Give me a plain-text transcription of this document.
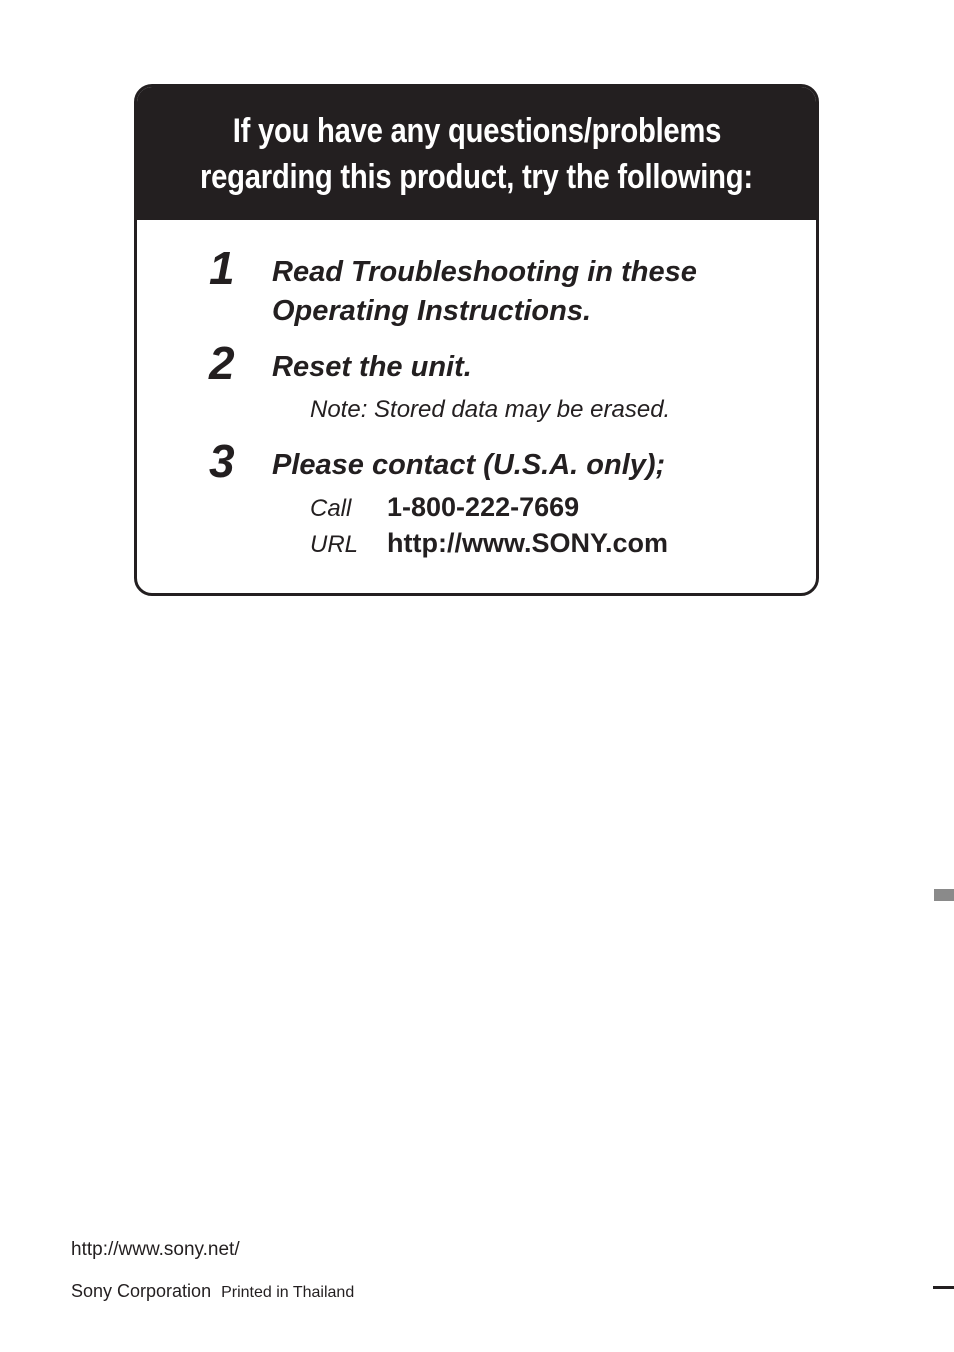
If you have any questions/problems
regarding this product, try the following:
1 Read Troubleshooting in these
Operating Instructions.
2 Reset the unit.
Note: Stored data may be erased.
3 Please contact (U.S.A. only);
Call 1-800-222-7669
URL http://www.SONY.com
http://www.sony.net/
Sony Corporation Printed in Thailand
